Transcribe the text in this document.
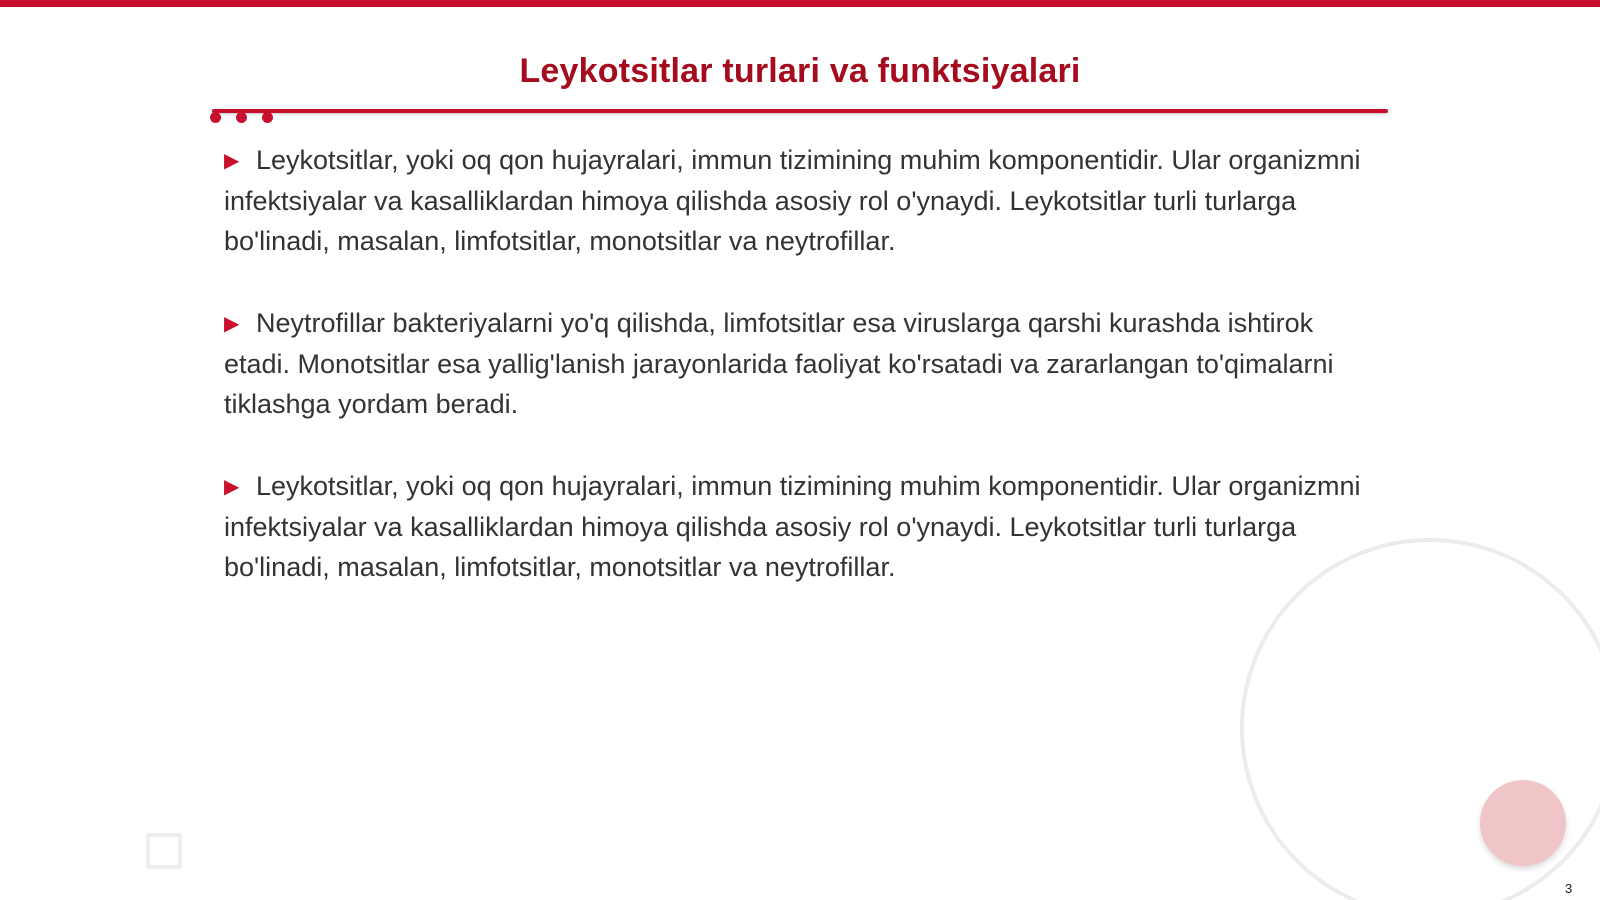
Leykotsitlar turlari va funktsiyalari

▶ Leykotsitlar, yoki oq qon hujayralari, immun tizimining muhim komponentidir. Ular organizmni infektsiyalar va kasalliklardan himoya qilishda asosiy rol o'ynaydi. Leykotsitlar turli turlarga bo'linadi, masalan, limfotsitlar, monotsitlar va neytrofillar.

▶ Neytrofillar bakteriyalarni yo'q qilishda, limfotsitlar esa viruslarga qarshi kurashda ishtirok etadi. Monotsitlar esa yallig'lanish jarayonlarida faoliyat ko'rsatadi va zararlangan to'qimalarni tiklashga yordam beradi.

▶ Leykotsitlar, yoki oq qon hujayralari, immun tizimining muhim komponentidir. Ular organizmni infektsiyalar va kasalliklardan himoya qilishda asosiy rol o'ynaydi. Leykotsitlar turli turlarga bo'linadi, masalan, limfotsitlar, monotsitlar va neytrofillar.

3
